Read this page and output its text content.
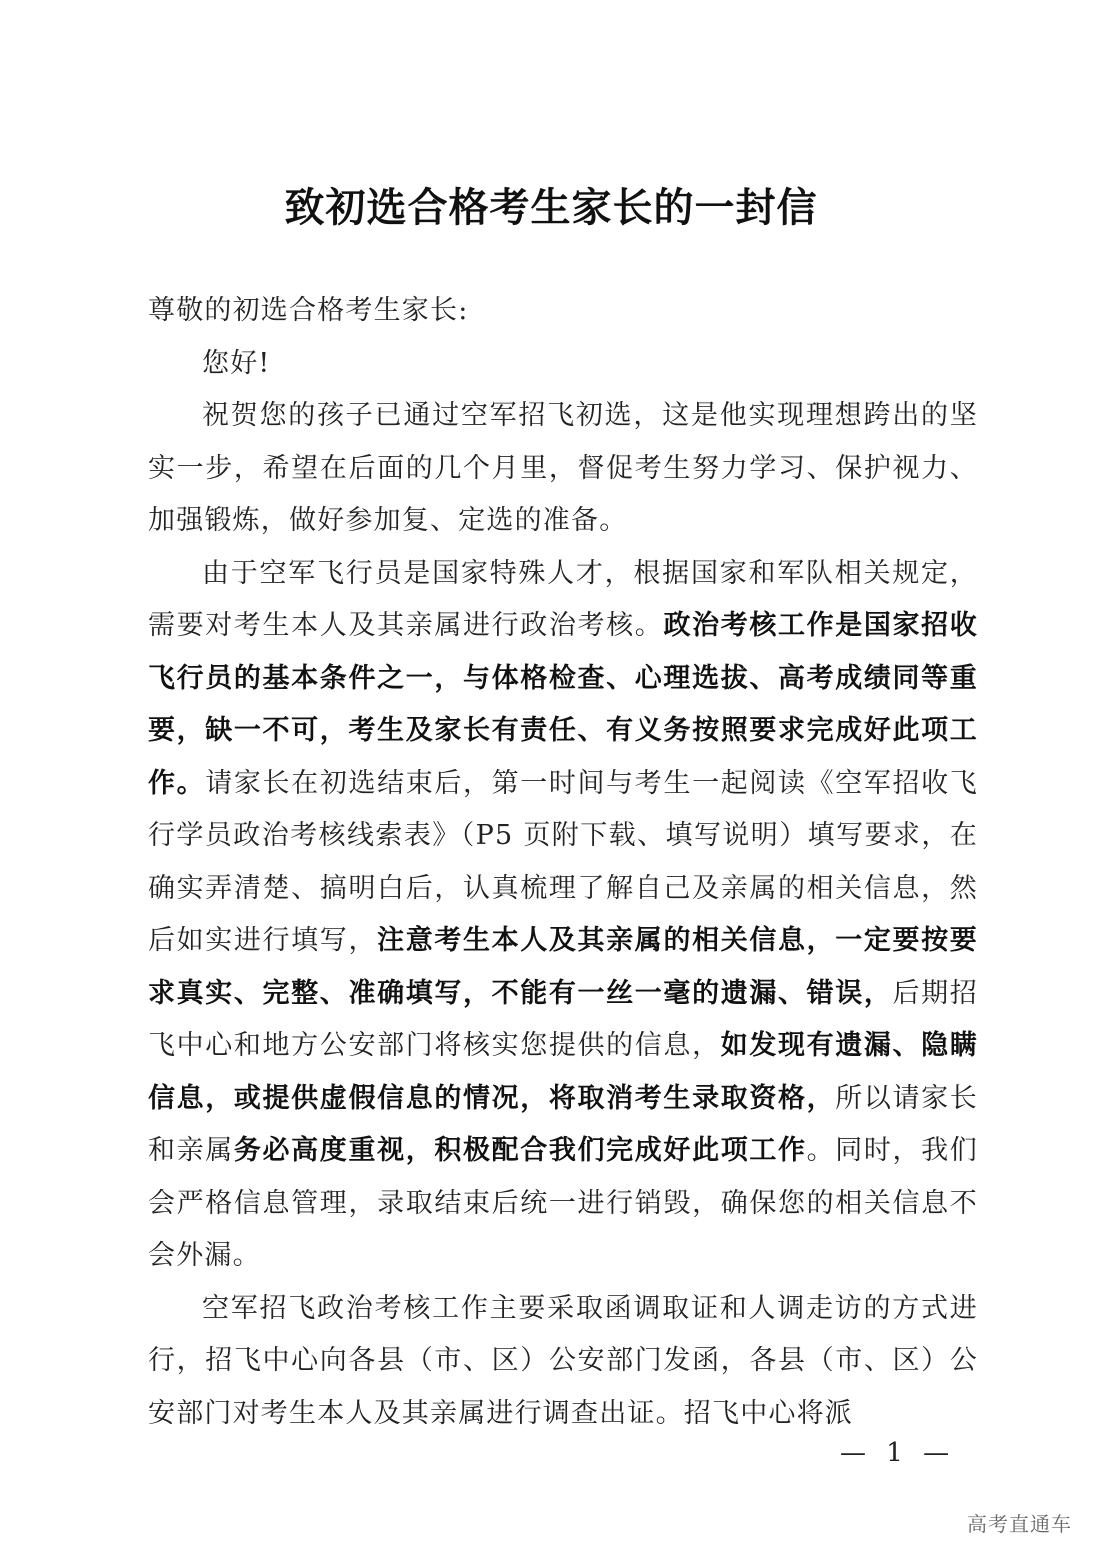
致初选合格考生家长的一封信

尊敬的初选合格考生家长:

您好!

祝贺您的孩子已通过空军招飞初选，这是他实现理想跨出的坚实一步，希望在后面的几个月里，督促考生努力学习、保护视力、加强锻炼，做好参加复、定选的准备。

由于空军飞行员是国家特殊人才，根据国家和军队相关规定，需要对考生本人及其亲属进行政治考核。政治考核工作是国家招收飞行员的基本条件之一，与体格检查、心理选拔、高考成绩同等重要，缺一不可，考生及家长有责任、有义务按照要求完成好此项工作。请家长在初选结束后，第一时间与考生一起阅读《空军招收飞行学员政治考核线索表》（P5 页附下载、填写说明）填写要求，在确实弄清楚、搞明白后，认真梳理了解自己及亲属的相关信息，然后如实进行填写，注意考生本人及其亲属的相关信息，一定要按要求真实、完整、准确填写，不能有一丝一毫的遗漏、错误，后期招飞中心和地方公安部门将核实您提供的信息，如发现有遗漏、隐瞒信息，或提供虚假信息的情况，将取消考生录取资格，所以请家长和亲属务必高度重视，积极配合我们完成好此项工作。同时，我们会严格信息管理，录取结束后统一进行销毁，确保您的相关信息不会外漏。

空军招飞政治考核工作主要采取函调取证和人调走访的方式进行，招飞中心向各县（市、区）公安部门发函，各县（市、区）公安部门对考生本人及其亲属进行调查出证。招飞中心将派

— 1 —
高考直通车
